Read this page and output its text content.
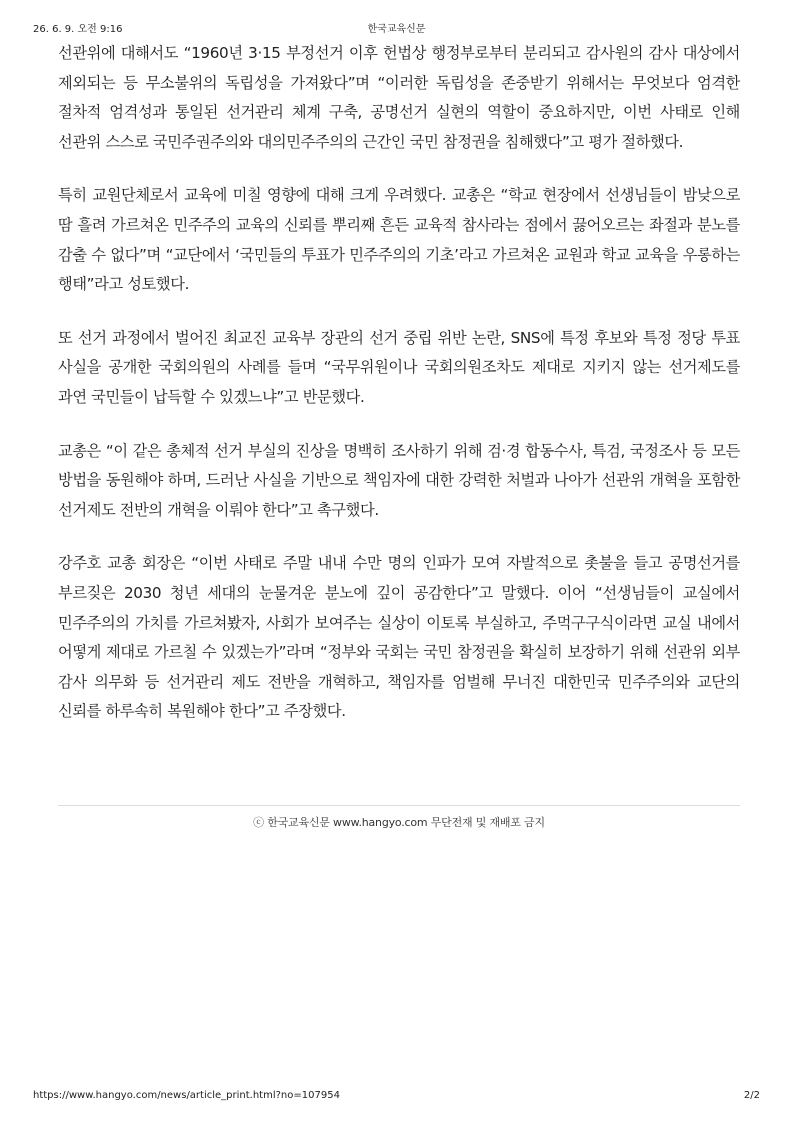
26. 6. 9. 오전 9:16	한국교육신문

선관위에 대해서도 “1960년 3·15 부정선거 이후 헌법상 행정부로부터 분리되고 감사원의 감사 대상에서 제외되는 등 무소불위의 독립성을 가져왔다”며 “이러한 독립성을 존중받기 위해서는 무엇보다 엄격한 절차적 엄격성과 통일된 선거관리 체계 구축, 공명선거 실현의 역할이 중요하지만, 이번 사태로 인해 선관위 스스로 국민주권주의와 대의민주주의의 근간인 국민 참정권을 침해했다”고 평가 절하했다.

특히 교원단체로서 교육에 미칠 영향에 대해 크게 우려했다. 교총은 “학교 현장에서 선생님들이 밤낮으로 땀 흘려 가르쳐온 민주주의 교육의 신뢰를 뿌리째 흔든 교육적 참사라는 점에서 끓어오르는 좌절과 분노를 감출 수 없다”며 “교단에서 ‘국민들의 투표가 민주주의의 기초’라고 가르쳐온 교원과 학교 교육을 우롱하는 행태”라고 성토했다.

또 선거 과정에서 벌어진 최교진 교육부 장관의 선거 중립 위반 논란, SNS에 특정 후보와 특정 정당 투표 사실을 공개한 국회의원의 사례를 들며 “국무위원이나 국회의원조차도 제대로 지키지 않는 선거제도를 과연 국민들이 납득할 수 있겠느냐”고 반문했다.

교총은 “이 같은 총체적 선거 부실의 진상을 명백히 조사하기 위해 검·경 합동수사, 특검, 국정조사 등 모든 방법을 동원해야 하며, 드러난 사실을 기반으로 책임자에 대한 강력한 처벌과 나아가 선관위 개혁을 포함한 선거제도 전반의 개혁을 이뤄야 한다”고 촉구했다.

강주호 교총 회장은 “이번 사태로 주말 내내 수만 명의 인파가 모여 자발적으로 촛불을 들고 공명선거를 부르짖은 2030 청년 세대의 눈물겨운 분노에 깊이 공감한다”고 말했다. 이어 “선생님들이 교실에서 민주주의의 가치를 가르쳐봤자, 사회가 보여주는 실상이 이토록 부실하고, 주먹구구식이라면 교실 내에서 어떻게 제대로 가르칠 수 있겠는가”라며 “정부와 국회는 국민 참정권을 확실히 보장하기 위해 선관위 외부 감사 의무화 등 선거관리 제도 전반을 개혁하고, 책임자를 엄벌해 무너진 대한민국 민주주의와 교단의 신뢰를 하루속히 복원해야 한다”고 주장했다.

ⓒ 한국교육신문 www.hangyo.com 무단전재 및 재배포 금지
https://www.hangyo.com/news/article_print.html?no=107954	2/2
